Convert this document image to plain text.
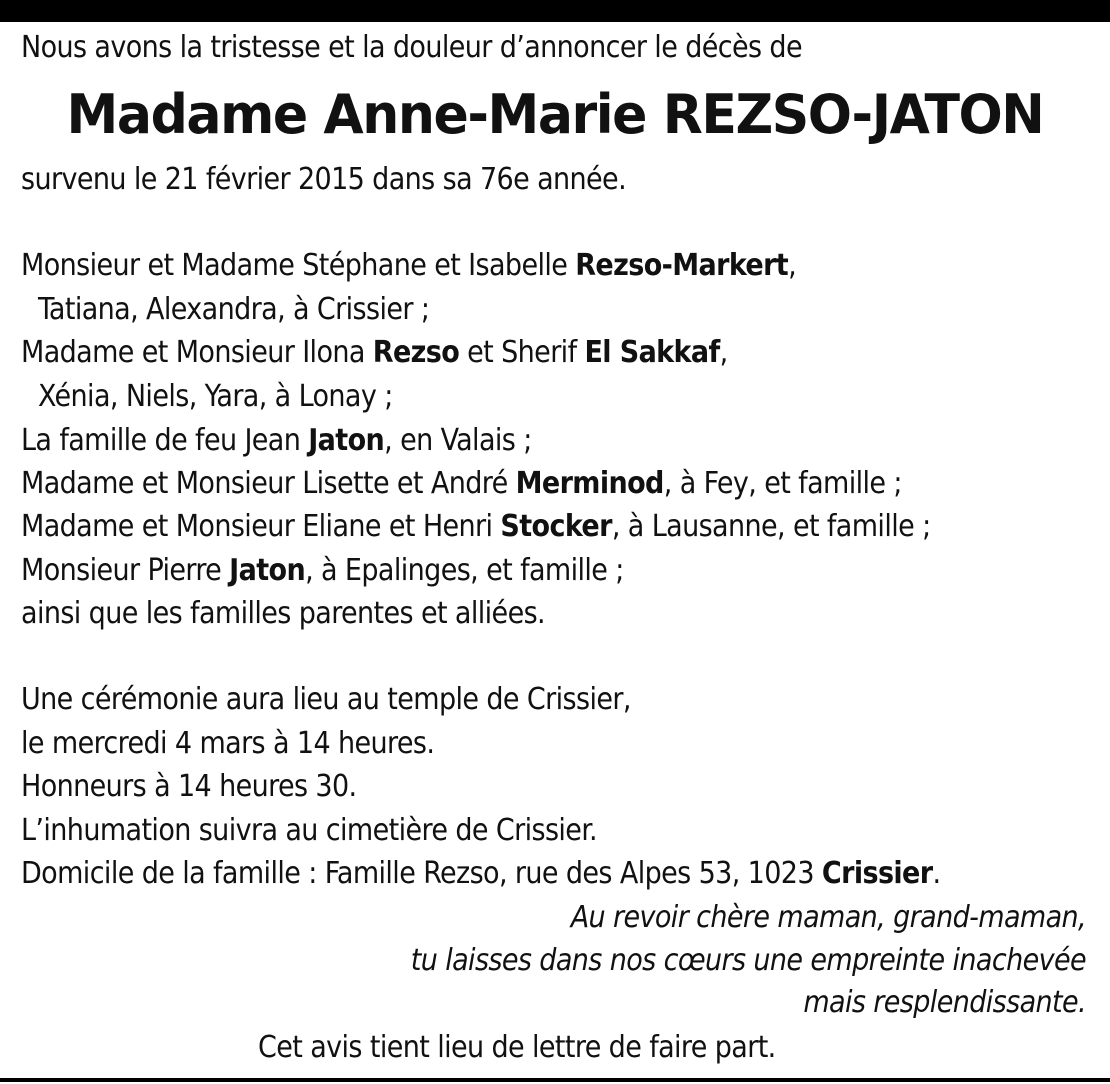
Nous avons la tristesse et la douleur d’annoncer le décès de
Madame Anne-Marie REZSO-JATON
survenu le 21 février 2015 dans sa 76e année.
Monsieur et Madame Stéphane et Isabelle Rezso-Markert,
Tatiana, Alexandra, à Crissier ;
Madame et Monsieur Ilona Rezso et Sherif El Sakkaf,
Xénia, Niels, Yara, à Lonay ;
La famille de feu Jean Jaton, en Valais ;
Madame et Monsieur Lisette et André Merminod, à Fey, et famille ;
Madame et Monsieur Eliane et Henri Stocker, à Lausanne, et famille ;
Monsieur Pierre Jaton, à Epalinges, et famille ;
ainsi que les familles parentes et alliées.
Une cérémonie aura lieu au temple de Crissier,
le mercredi 4 mars à 14 heures.
Honneurs à 14 heures 30.
L’inhumation suivra au cimetière de Crissier.
Domicile de la famille : Famille Rezso, rue des Alpes 53, 1023 Crissier.
Au revoir chère maman, grand-maman,
tu laisses dans nos cœurs une empreinte inachevée
mais resplendissante.
Cet avis tient lieu de lettre de faire part.
